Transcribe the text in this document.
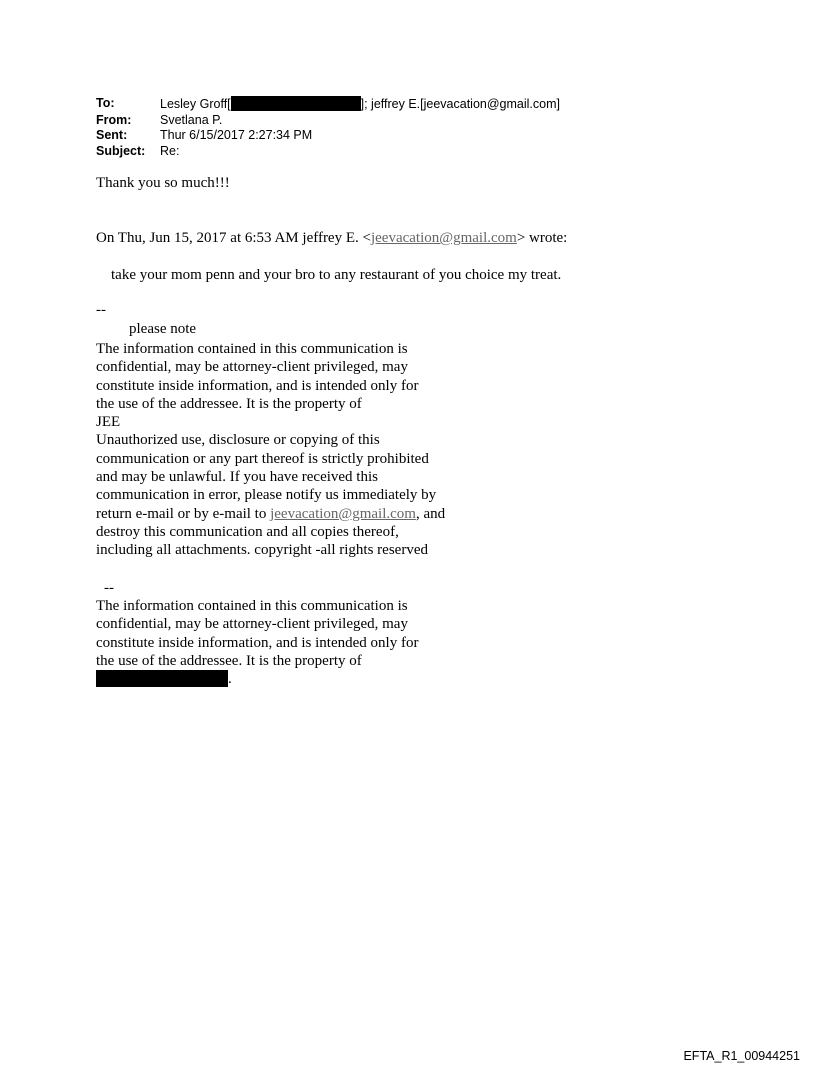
To:	Lesley Groff[	]; jeffrey E.[jeevacation@gmail.com]
From:	Svetlana P.
Sent:	Thur 6/15/2017 2:27:34 PM
Subject:	Re:
Thank you so much!!!
On Thu, Jun 15, 2017 at 6:53 AM jeffrey E. <jeevacation@gmail.com> wrote:
take your mom penn and your bro to any restaurant of you choice my treat.
--
please note
The information contained in this communication is
confidential, may be attorney-client privileged, may
constitute inside information, and is intended only for
the use of the addressee. It is the property of
JEE
Unauthorized use, disclosure or copying of this
communication or any part thereof is strictly prohibited
and may be unlawful. If you have received this
communication in error, please notify us immediately by
return e-mail or by e-mail to jeevacation@gmail.com, and
destroy this communication and all copies thereof,
including all attachments. copyright -all rights reserved
--
The information contained in this communication is
confidential, may be attorney-client privileged, may
constitute inside information, and is intended only for
the use of the addressee. It is the property of
.
EFTA_R1_00944251
